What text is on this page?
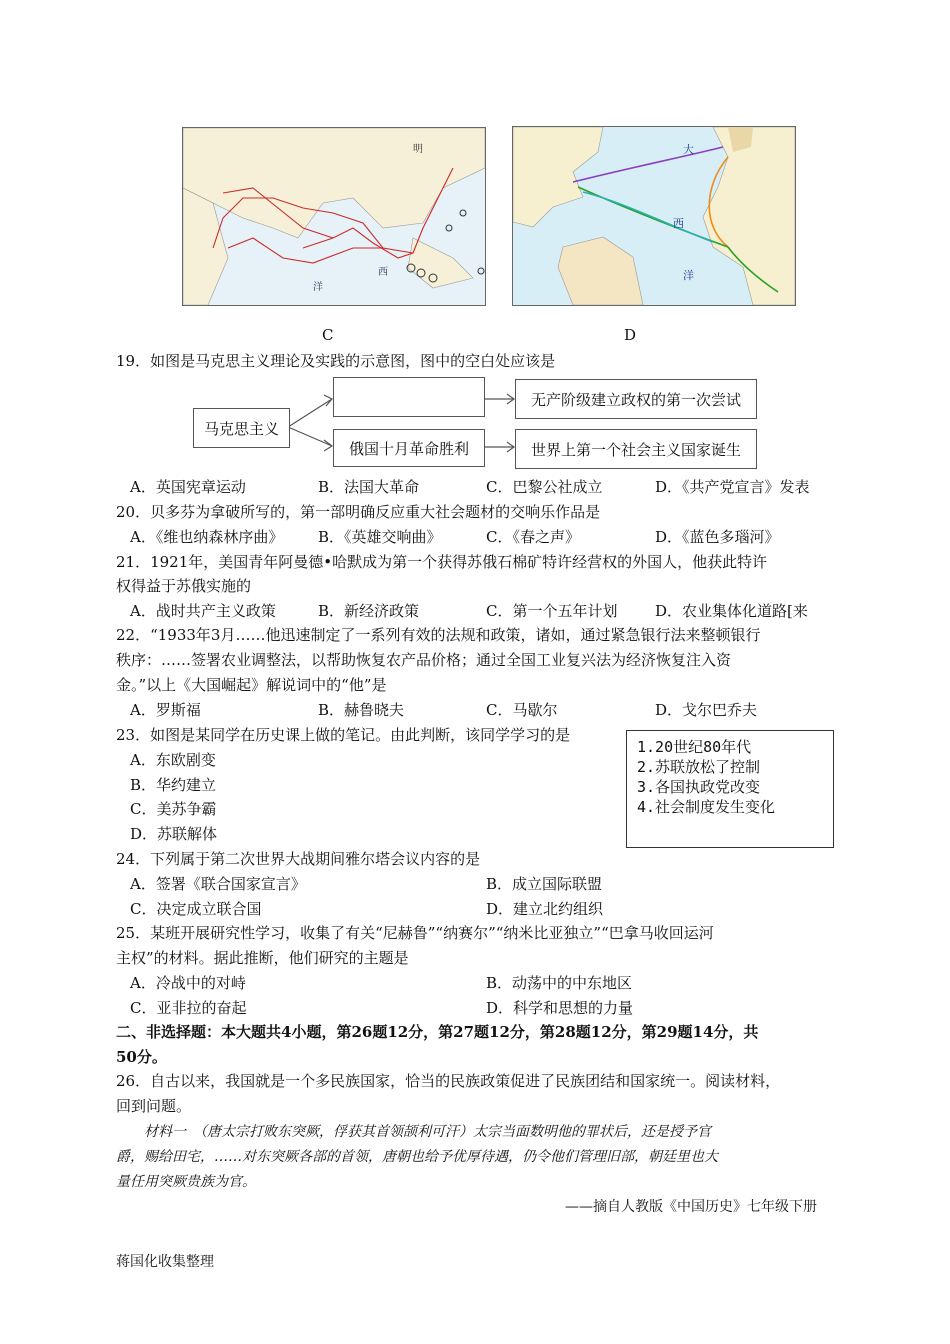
明
西
洋
大
西
洋
C	D
19．如图是马克思主义理论及实践的示意图，图中的空白处应该是
马克思主义
俄国十月革命胜利
无产阶级建立政权的第一次尝试
世界上第一个社会主义国家诞生
A．英国宪章运动	B．法国大革命	C．巴黎公社成立	D．《共产党宣言》发表
20．贝多芬为拿破所写的，第一部明确反应重大社会题材的交响乐作品是
A．《维也纳森林序曲》 B．《英雄交响曲》	C．《春之声》	D．《蓝色多瑙河》
21．1921年，美国青年阿曼德•哈默成为第一个获得苏俄石棉矿特许经营权的外国人，他获此特许
权得益于苏俄实施的
A．战时共产主义政策	B．新经济政策	C．第一个五年计划	D．农业集体化道路[来
22．“1933年3月……他迅速制定了一系列有效的法规和政策，诸如，通过紧急银行法来整顿银行
秩序：……签署农业调整法，以帮助恢复农产品价格；通过全国工业复兴法为经济恢复注入资
金。”以上《大国崛起》解说词中的“他”是
A．罗斯福	B．赫鲁晓夫	C．马歇尔	D．戈尔巴乔夫
23．如图是某同学在历史课上做的笔记。由此判断，该同学学习的是
A．东欧剧变
B．华约建立
C．美苏争霸
D．苏联解体
1.20世纪80年代
2.苏联放松了控制
3.各国执政党改变
4.社会制度发生变化
24．下列属于第二次世界大战期间雅尔塔会议内容的是
A．签署《联合国家宣言》	B．成立国际联盟
C．决定成立联合国	D．建立北约组织
25．某班开展研究性学习，收集了有关“尼赫鲁”“纳赛尔”“纳米比亚独立”“巴拿马收回运河
主权”的材料。据此推断，他们研究的主题是
A．冷战中的对峙	B．动荡中的中东地区
C．亚非拉的奋起	D．科学和思想的力量
二、非选择题：本大题共4小题，第26题12分，第27题12分，第28题12分，第29题14分，共
50分。
26．自古以来，我国就是一个多民族国家，恰当的民族政策促进了民族团结和国家统一。阅读材料，
回到问题。
材料一　（唐太宗打败东突厥，俘获其首领颉利可汗）太宗当面数明他的罪状后，还是授予官
爵，赐给田宅，……对东突厥各部的首领，唐朝也给予优厚待遇，仍令他们管理旧部，朝廷里也大
量任用突厥贵族为官。
——摘自人教版《中国历史》七年级下册
蒋国化收集整理
